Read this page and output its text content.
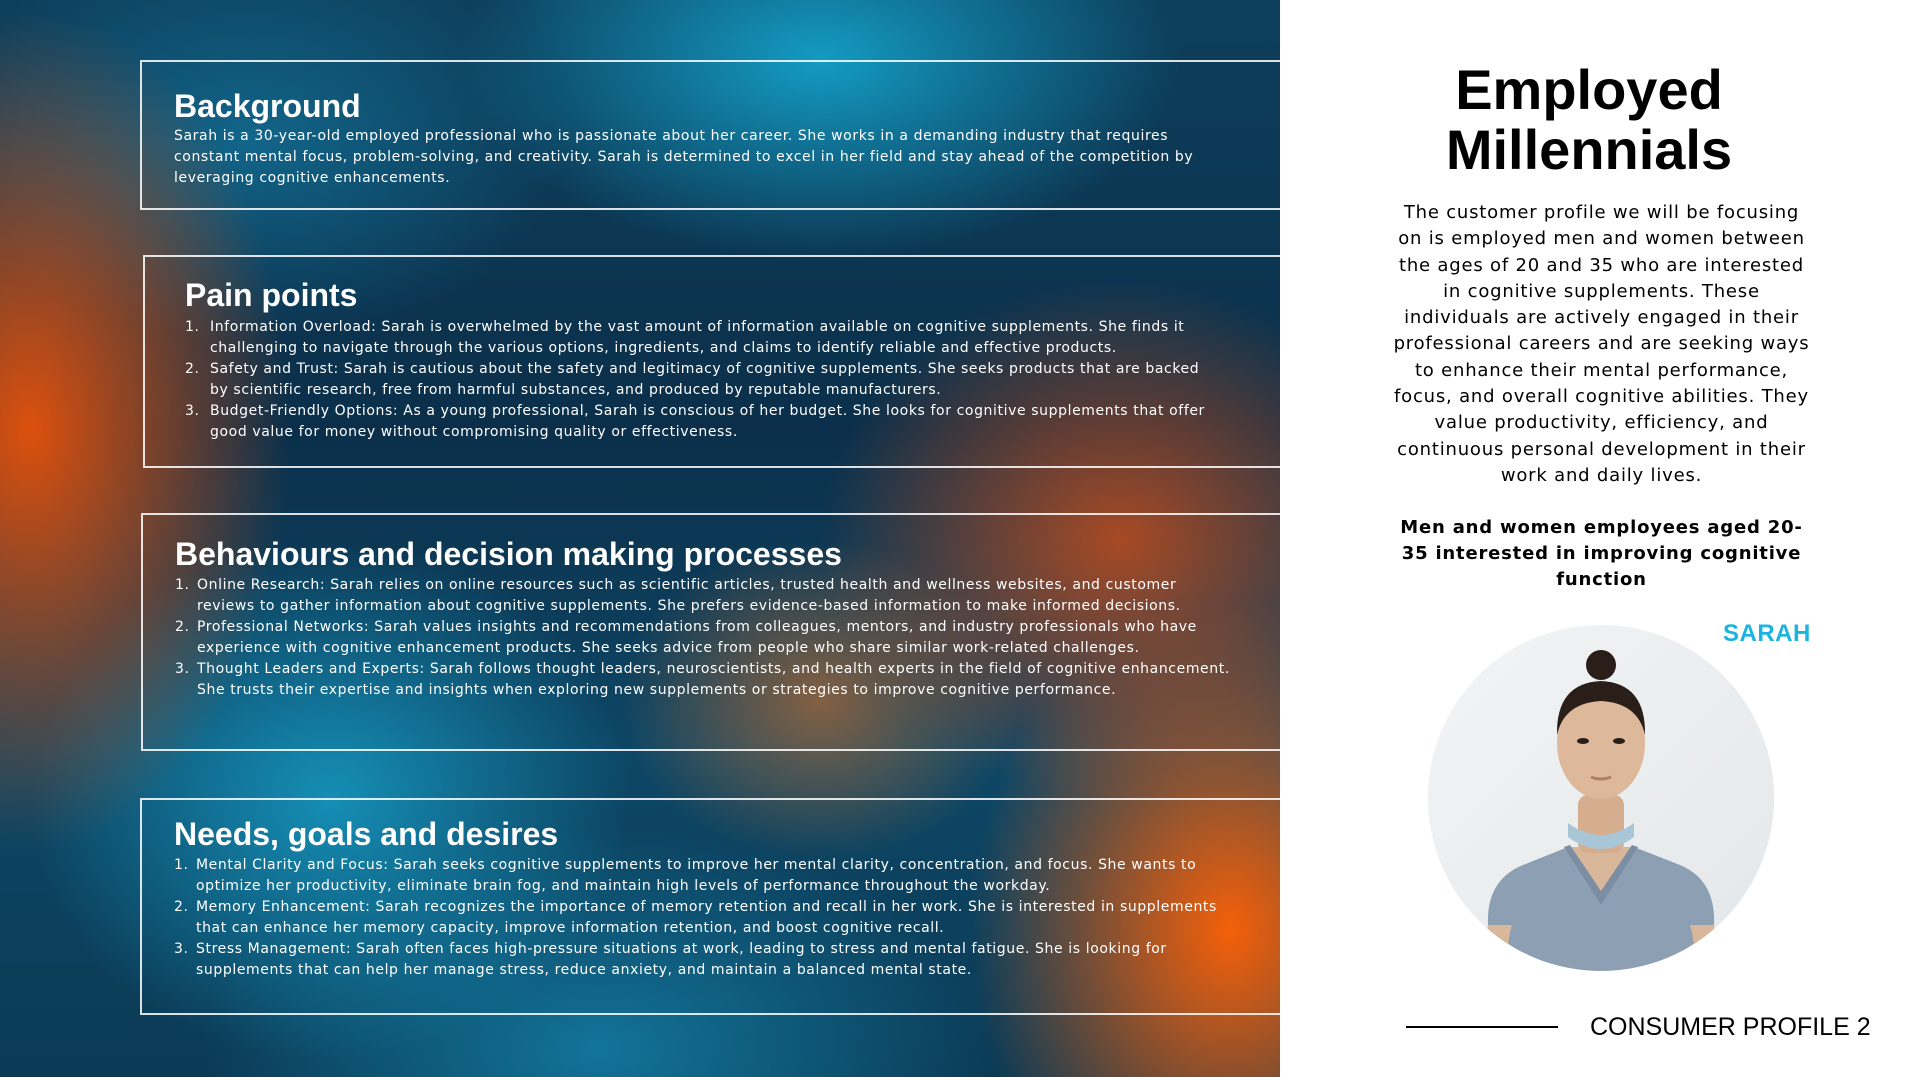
Background

Sarah is a 30-year-old employed professional who is passionate about her career. She works in a demanding industry that requires constant mental focus, problem-solving, and creativity. Sarah is determined to excel in her field and stay ahead of the competition by leveraging cognitive enhancements.

Pain points
1. Information Overload: Sarah is overwhelmed by the vast amount of information available on cognitive supplements. She finds it challenging to navigate through the various options, ingredients, and claims to identify reliable and effective products.
2. Safety and Trust: Sarah is cautious about the safety and legitimacy of cognitive supplements. She seeks products that are backed by scientific research, free from harmful substances, and produced by reputable manufacturers.
3. Budget-Friendly Options: As a young professional, Sarah is conscious of her budget. She looks for cognitive supplements that offer good value for money without compromising quality or effectiveness.
Behaviours and decision making processes
1. Online Research: Sarah relies on online resources such as scientific articles, trusted health and wellness websites, and customer reviews to gather information about cognitive supplements. She prefers evidence-based information to make informed decisions.
2. Professional Networks: Sarah values insights and recommendations from colleagues, mentors, and industry professionals who have experience with cognitive enhancement products. She seeks advice from people who share similar work-related challenges.
3. Thought Leaders and Experts: Sarah follows thought leaders, neuroscientists, and health experts in the field of cognitive enhancement. She trusts their expertise and insights when exploring new supplements or strategies to improve cognitive performance.
Needs, goals and desires
1. Mental Clarity and Focus: Sarah seeks cognitive supplements to improve her mental clarity, concentration, and focus. She wants to optimize her productivity, eliminate brain fog, and maintain high levels of performance throughout the workday.
2. Memory Enhancement: Sarah recognizes the importance of memory retention and recall in her work. She is interested in supplements that can enhance her memory capacity, improve information retention, and boost cognitive recall.
3. Stress Management: Sarah often faces high-pressure situations at work, leading to stress and mental fatigue. She is looking for supplements that can help her manage stress, reduce anxiety, and maintain a balanced mental state.
Employed
Millennials

The customer profile we will be focusing on is employed men and women between the ages of 20 and 35 who are interested in cognitive supplements. These individuals are actively engaged in their professional careers and are seeking ways to enhance their mental performance, focus, and overall cognitive abilities. They value productivity, efficiency, and continuous personal development in their work and daily lives.

Men and women employees aged 20-35 interested in improving cognitive function

SARAH
CONSUMER PROFILE 2
